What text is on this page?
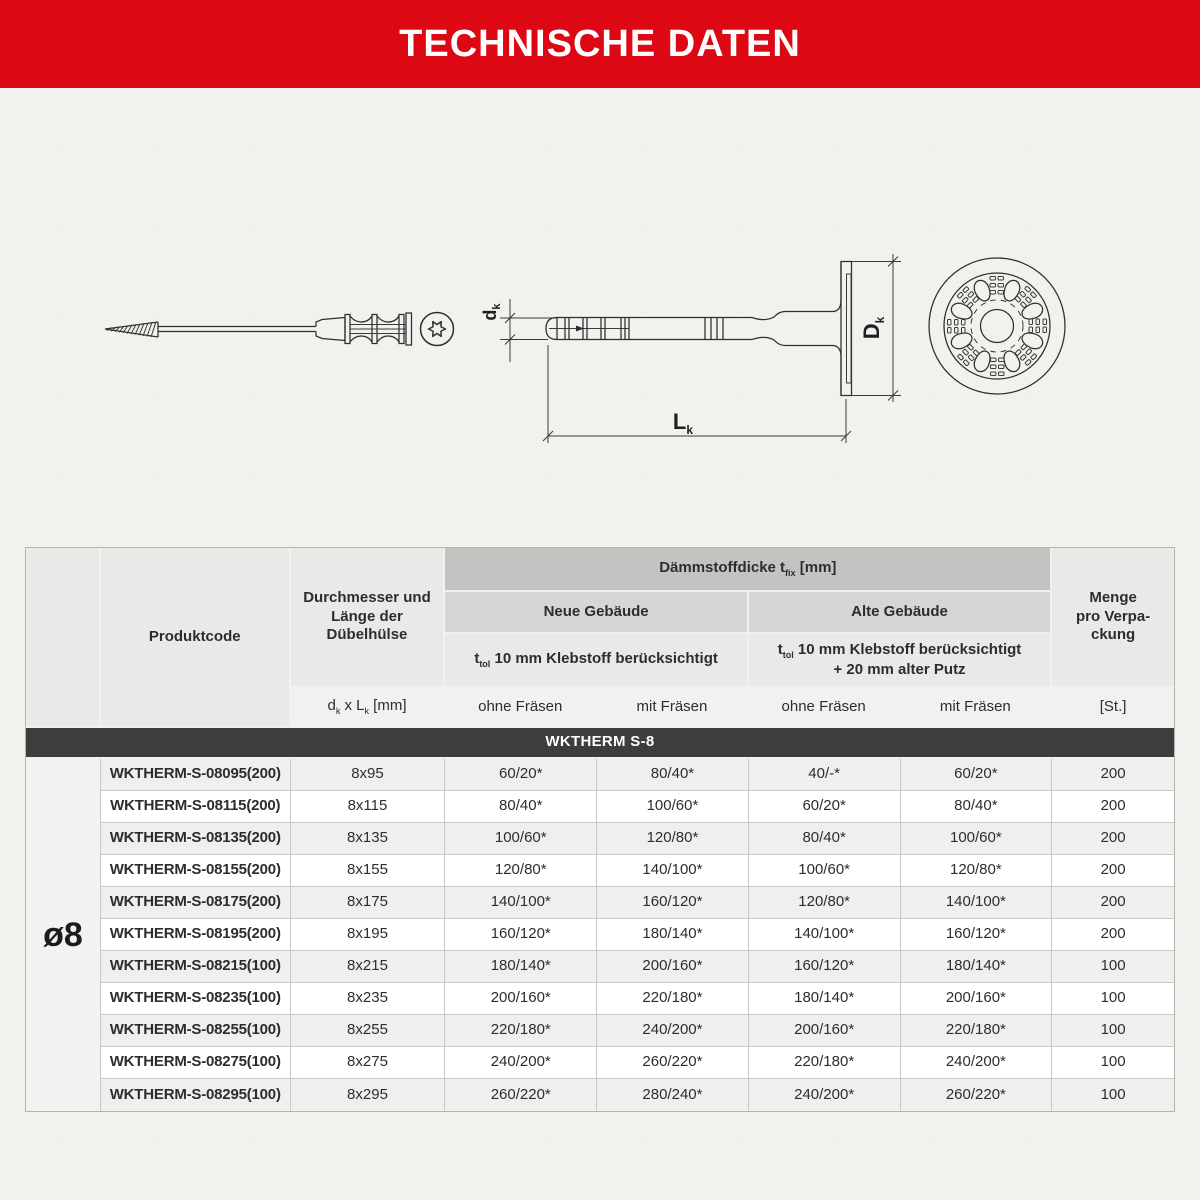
TECHNISCHE DATEN
$d_k$
$L_k$
$D_k$
	Produktcode	Durchmesser und Länge der Dübelhülse	Dämmstoffdicke $t_{fix}$ [mm]				Menge
pro Verpa-
ckung

			Neue Gebäude		Alte Gebäude		
			$t_{tol}$ 10 mm Klebstoff berücksichtigt		$t_{tol}$ 10 mm Klebstoff berücksichtigt
+ 20 mm alter Putz		

		$d_k$ x $L_k$ [mm]	ohne Fräsen	mit Fräsen	ohne Fräsen	mit Fräsen	[St.]
WKTHERM S-8							
ø8	WKTHERM-S-08095(200)	8x95	60/20*	80/40*	40/-*	60/20*	200
	WKTHERM-S-08115(200)	8x115	80/40*	100/60*	60/20*	80/40*	200
	WKTHERM-S-08135(200)	8x135	100/60*	120/80*	80/40*	100/60*	200
	WKTHERM-S-08155(200)	8x155	120/80*	140/100*	100/60*	120/80*	200
	WKTHERM-S-08175(200)	8x175	140/100*	160/120*	120/80*	140/100*	200
	WKTHERM-S-08195(200)	8x195	160/120*	180/140*	140/100*	160/120*	200
	WKTHERM-S-08215(100)	8x215	180/140*	200/160*	160/120*	180/140*	100
	WKTHERM-S-08235(100)	8x235	200/160*	220/180*	180/140*	200/160*	100
	WKTHERM-S-08255(100)	8x255	220/180*	240/200*	200/160*	220/180*	100
	WKTHERM-S-08275(100)	8x275	240/200*	260/220*	220/180*	240/200*	100
	WKTHERM-S-08295(100)	8x295	260/220*	280/240*	240/200*	260/220*	100
